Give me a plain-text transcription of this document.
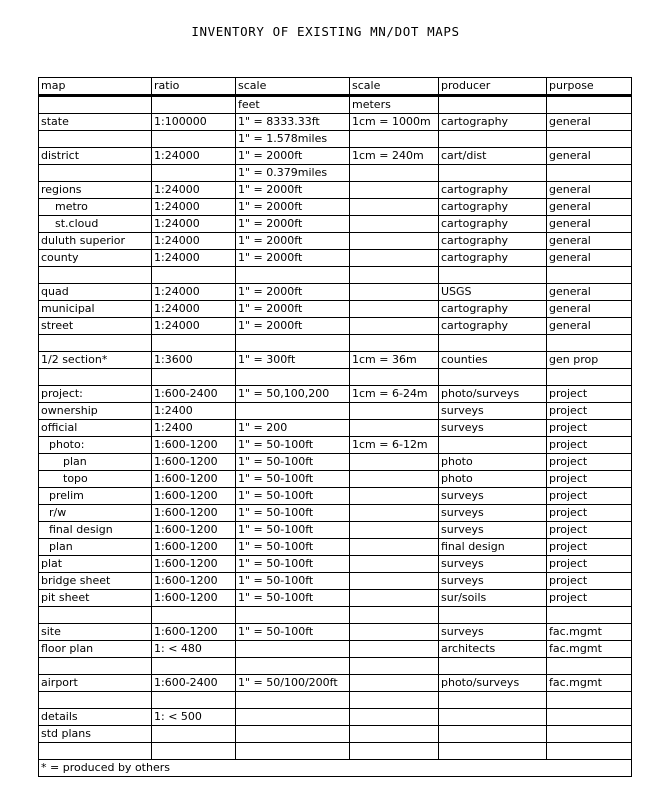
INVENTORY OF EXISTING MN/DOT MAPS
map	ratio	scale	scale	producer	purpose
		feet	meters		
state	1:100000	1" = 8333.33ft	1cm = 1000m	cartography	general
		1" = 1.578miles			
district	1:24000	1" = 2000ft	1cm = 240m	cart/dist	general
		1" = 0.379miles			
regions	1:24000	1" = 2000ft		cartography	general
metro	1:24000	1" = 2000ft		cartography	general
st.cloud	1:24000	1" = 2000ft		cartography	general
duluth superior	1:24000	1" = 2000ft		cartography	general
county	1:24000	1" = 2000ft		cartography	general

quad	1:24000	1" = 2000ft		USGS	general
municipal	1:24000	1" = 2000ft		cartography	general
street	1:24000	1" = 2000ft		cartography	general

1/2 section*	1:3600	1" = 300ft	1cm = 36m	counties	gen prop

project:	1:600-2400	1" = 50,100,200	1cm = 6-24m	photo/surveys	project
ownership	1:2400			surveys	project
official	1:2400	1" = 200		surveys	project
photo:	1:600-1200	1" = 50-100ft	1cm = 6-12m		project
plan	1:600-1200	1" = 50-100ft		photo	project
topo	1:600-1200	1" = 50-100ft		photo	project
prelim	1:600-1200	1" = 50-100ft		surveys	project
r/w	1:600-1200	1" = 50-100ft		surveys	project
final design	1:600-1200	1" = 50-100ft		surveys	project
plan	1:600-1200	1" = 50-100ft		final design	project
plat	1:600-1200	1" = 50-100ft		surveys	project
bridge sheet	1:600-1200	1" = 50-100ft		surveys	project
pit sheet	1:600-1200	1" = 50-100ft		sur/soils	project

site	1:600-1200	1" = 50-100ft		surveys	fac.mgmt
floor plan	1: < 480			architects	fac.mgmt

airport	1:600-2400	1" = 50/100/200ft		photo/surveys	fac.mgmt

details	1: < 500				
std plans					

* = produced by others					
